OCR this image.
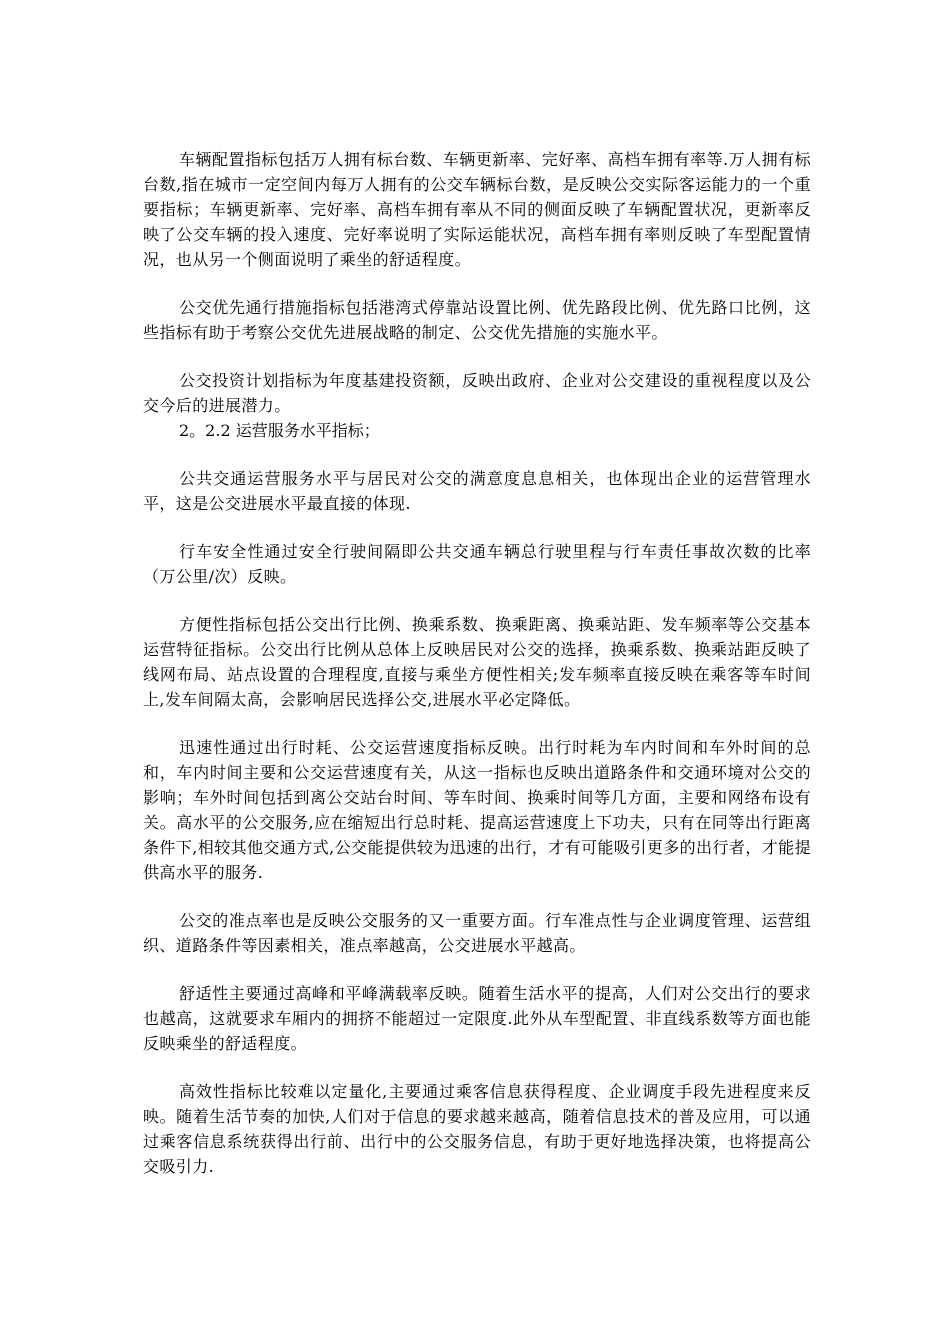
车辆配置指标包括万人拥有标台数、车辆更新率、完好率、高档车拥有率等.万人拥有标台数,指在城市一定空间内每万人拥有的公交车辆标台数，是反映公交实际客运能力的一个重要指标；车辆更新率、完好率、高档车拥有率从不同的侧面反映了车辆配置状况，更新率反映了公交车辆的投入速度、完好率说明了实际运能状况，高档车拥有率则反映了车型配置情况，也从另一个侧面说明了乘坐的舒适程度。

公交优先通行措施指标包括港湾式停靠站设置比例、优先路段比例、优先路口比例，这些指标有助于考察公交优先进展战略的制定、公交优先措施的实施水平。

公交投资计划指标为年度基建投资额，反映出政府、企业对公交建设的重视程度以及公交今后的进展潜力。

2。2.2 运营服务水平指标；

公共交通运营服务水平与居民对公交的满意度息息相关，也体现出企业的运营管理水平，这是公交进展水平最直接的体现.

行车安全性通过安全行驶间隔即公共交通车辆总行驶里程与行车责任事故次数的比率（万公里/次）反映。

方便性指标包括公交出行比例、换乘系数、换乘距离、换乘站距、发车频率等公交基本运营特征指标。公交出行比例从总体上反映居民对公交的选择，换乘系数、换乘站距反映了线网布局、站点设置的合理程度,直接与乘坐方便性相关;发车频率直接反映在乘客等车时间上,发车间隔太高，会影响居民选择公交,进展水平必定降低。

迅速性通过出行时耗、公交运营速度指标反映。出行时耗为车内时间和车外时间的总和，车内时间主要和公交运营速度有关，从这一指标也反映出道路条件和交通环境对公交的影响；车外时间包括到离公交站台时间、等车时间、换乘时间等几方面，主要和网络布设有关。高水平的公交服务,应在缩短出行总时耗、提高运营速度上下功夫，只有在同等出行距离条件下,相较其他交通方式,公交能提供较为迅速的出行，才有可能吸引更多的出行者，才能提供高水平的服务.

公交的准点率也是反映公交服务的又一重要方面。行车准点性与企业调度管理、运营组织、道路条件等因素相关，准点率越高，公交进展水平越高。

舒适性主要通过高峰和平峰满载率反映。随着生活水平的提高，人们对公交出行的要求也越高，这就要求车厢内的拥挤不能超过一定限度.此外从车型配置、非直线系数等方面也能反映乘坐的舒适程度。

高效性指标比较难以定量化,主要通过乘客信息获得程度、企业调度手段先进程度来反映。随着生活节奏的加快,人们对于信息的要求越来越高，随着信息技术的普及应用，可以通过乘客信息系统获得出行前、出行中的公交服务信息，有助于更好地选择决策，也将提高公交吸引力.
